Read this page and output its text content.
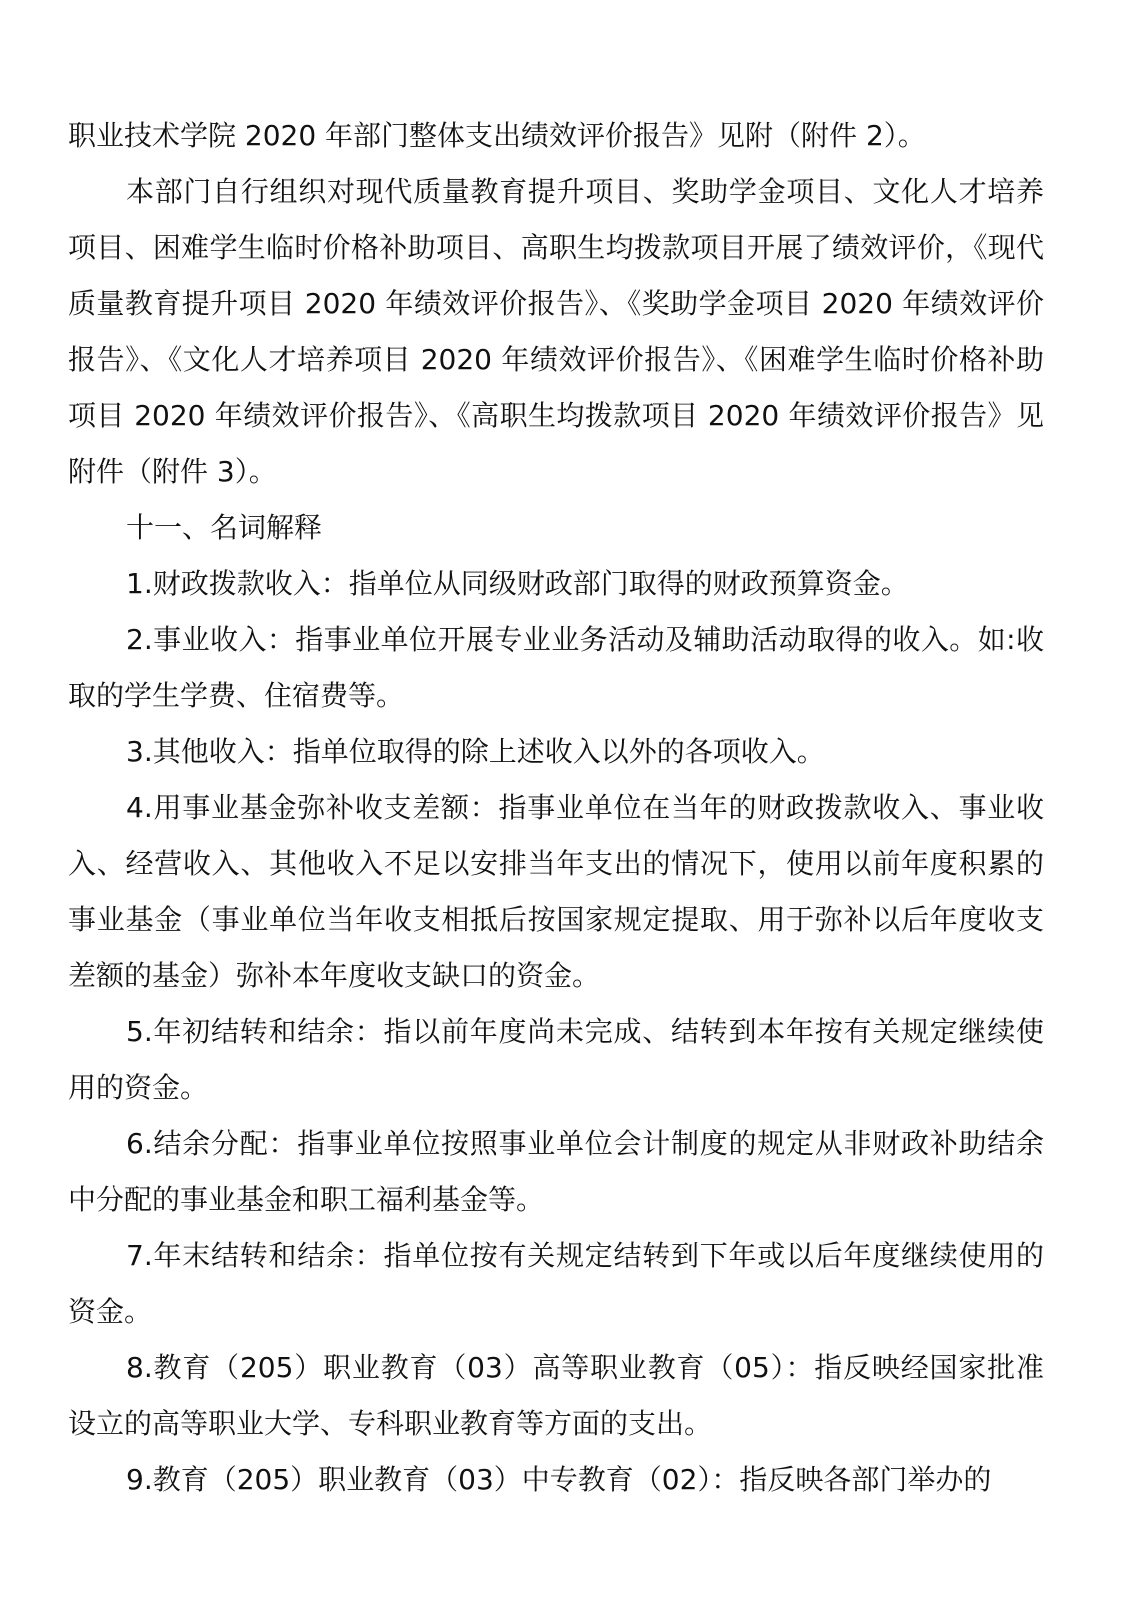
职业技术学院 2020 年部门整体支出绩效评价报告》见附（附件 2）。

本部门自行组织对现代质量教育提升项目、奖助学金项目、文化人才培养项目、困难学生临时价格补助项目、高职生均拨款项目开展了绩效评价，《现代质量教育提升项目 2020 年绩效评价报告》、《奖助学金项目 2020 年绩效评价报告》、《文化人才培养项目 2020 年绩效评价报告》、《困难学生临时价格补助项目 2020 年绩效评价报告》、《高职生均拨款项目 2020 年绩效评价报告》见附件（附件 3）。

十一、名词解释

1.财政拨款收入：指单位从同级财政部门取得的财政预算资金。

2.事业收入：指事业单位开展专业业务活动及辅助活动取得的收入。如:收取的学生学费、住宿费等。

3.其他收入：指单位取得的除上述收入以外的各项收入。

4.用事业基金弥补收支差额：指事业单位在当年的财政拨款收入、事业收入、经营收入、其他收入不足以安排当年支出的情况下，使用以前年度积累的事业基金（事业单位当年收支相抵后按国家规定提取、用于弥补以后年度收支差额的基金）弥补本年度收支缺口的资金。

5.年初结转和结余：指以前年度尚未完成、结转到本年按有关规定继续使用的资金。

6.结余分配：指事业单位按照事业单位会计制度的规定从非财政补助结余中分配的事业基金和职工福利基金等。

7.年末结转和结余：指单位按有关规定结转到下年或以后年度继续使用的资金。

8.教育（205）职业教育（03）高等职业教育（05）：指反映经国家批准设立的高等职业大学、专科职业教育等方面的支出。

9.教育（205）职业教育（03）中专教育（02）：指反映各部门举办的
